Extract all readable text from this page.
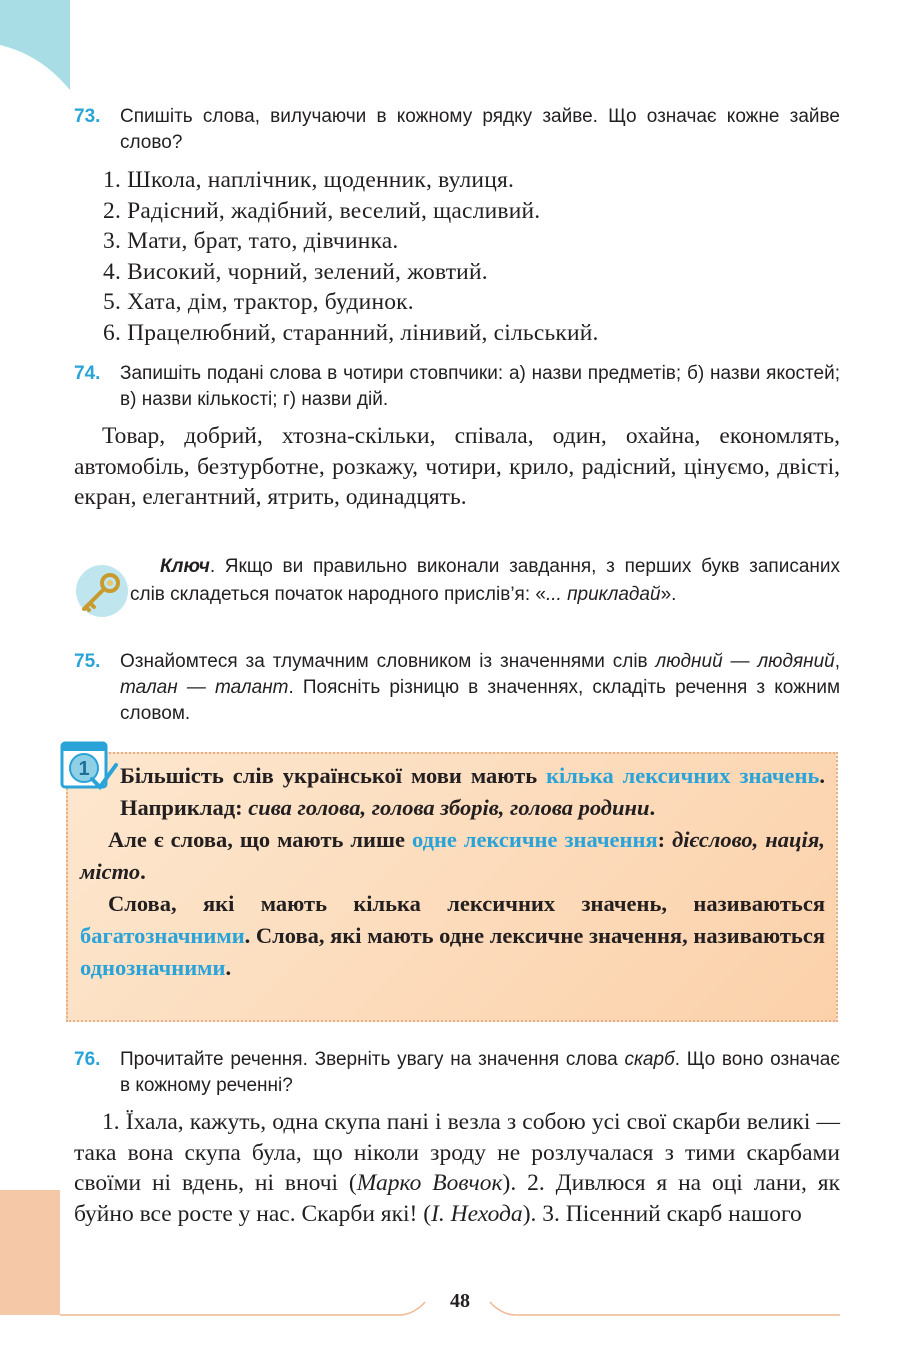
73. Спишіть слова, вилучаючи в кожному рядку зайве. Що означає кожне зайве слово?
1. Школа, наплічник, щоденник, вулиця.
2. Радісний, жадібний, веселий, щасливий.
3. Мати, брат, тато, дівчинка.
4. Високий, чорний, зелений, жовтий.
5. Хата, дім, трактор, будинок.
6. Працелюбний, старанний, лінивий, сільський.
74. Запишіть подані слова в чотири стовпчики: а) назви предметів; б) назви якостей; в) назви кількості; г) назви дій.
Товар, добрий, хтозна-скільки, співала, один, охайна, економлять, автомобіль, безтурботне, розкажу, чотири, крило, радісний, цінуємо, двісті, екран, елегантний, ятрить, одинадцять.
Ключ. Якщо ви правильно виконали завдання, з перших букв записаних слів складеться початок народного прислів’я: «... прикладай».
75. Ознайомтеся за тлумачним словником із значеннями слів людний — людяний, талан — талант. Поясніть різницю в значеннях, складіть речення з кожним словом.
1	Більшість слів української мови мають кілька лексичних значень. Наприклад: сива голова, голова зборів, голова родини.
Але є слова, що мають лише одне лексичне значення: дієслово, нація, місто.
Слова, які мають кілька лексичних значень, називаються багатозначними. Слова, які мають одне лексичне значення, називаються однозначними.
76. Прочитайте речення. Зверніть увагу на значення слова скарб. Що воно означає в кожному реченні?
1. Їхала, кажуть, одна скупа пані і везла з собою усі свої скарби великі — така вона скупа була, що ніколи зроду не розлучалася з тими скарбами своїми ні вдень, ні вночі (Марко Вовчок). 2. Дивлюся я на оці лани, як буйно все росте у нас. Скарби які! (І. Нехода). 3. Пісенний скарб нашого
48
